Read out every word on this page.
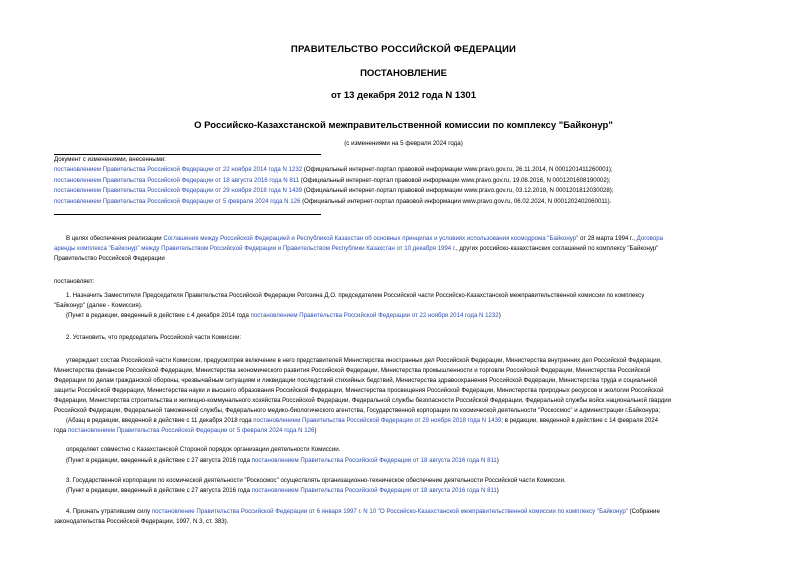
ПРАВИТЕЛЬСТВО РОССИЙСКОЙ ФЕДЕРАЦИИ
ПОСТАНОВЛЕНИЕ
от 13 декабря 2012 года N 1301
О Российско-Казахстанской межправительственной комиссии по комплексу "Байконур"
(с изменениями на 5 февраля 2024 года)
Документ с изменениями, внесенными:
постановлением Правительства Российской Федерации от 22 ноября 2014 года N 1232 (Официальный интернет-портал правовой информации www.pravo.gov.ru, 26.11.2014, N 0001201411260001);
постановлением Правительства Российской Федерации от 18 августа 2016 года N 811 (Официальный интернет-портал правовой информации www.pravo.gov.ru, 19.08.2016, N 0001201608190002);
постановлением Правительства Российской Федерации от 29 ноября 2018 года N 1439 (Официальный интернет-портал правовой информации www.pravo.gov.ru, 03.12.2018, N 0001201812030028);
постановлением Правительства Российской Федерации от 5 февраля 2024 года N 126 (Официальный интернет-портал правовой информации www.pravo.gov.ru, 06.02.2024, N 0001202402060011).
В целях обеспечения реализации Соглашения между Российской Федерацией и Республикой Казахстан об основных принципах и условиях использования космодрома "Байконур" от 28 марта 1994 г., Договора
аренды комплекса "Байконур" между Правительством Российской Федерации и Правительством Республики Казахстан от 10 декабря 1994 г., других российско-казахстанских соглашений по комплексу "Байконур"
Правительство Российской Федерации
постановляет:
1. Назначить Заместителя Председателя Правительства Российской Федерации Рогозина Д.О. председателем Российской части Российско-Казахстанской межправительственной комиссии по комплексу
"Байконур" (далее - Комиссия).
(Пункт в редакции, введенный в действие с 4 декабря 2014 года постановлением Правительства Российской Федерации от 22 ноября 2014 года N 1232)
2. Установить, что председатель Российской части Комиссии:
утверждает состав Российской части Комиссии, предусмотрев включение в него представителей Министерства иностранных дел Российской Федерации, Министерства внутренних дел Российской Федерации,
Министерства финансов Российской Федерации, Министерства экономического развития Российской Федерации, Министерства промышленности и торговли Российской Федерации, Министерства Российской
Федерации по делам гражданской обороны, чрезвычайным ситуациям и ликвидации последствий стихийных бедствий, Министерства здравоохранения Российской Федерации, Министерства труда и социальной
защиты Российской Федерации, Министерства науки и высшего образования Российской Федерации, Министерства просвещения Российской Федерации, Министерства природных ресурсов и экологии Российской
Федерации, Министерства строительства и жилищно-коммунального хозяйства Российской Федерации, Федеральной службы безопасности Российской Федерации, Федеральной службы войск национальной гвардии
Российской Федерации, Федеральной таможенной службы, Федерального медико-биологического агентства, Государственной корпорации по космической деятельности "Роскосмос" и администрации г.Байконура;
(Абзац в редакции, введенной в действие с 11 декабря 2018 года постановлением Правительства Российской Федерации от 29 ноября 2018 года N 1439; в редакции, введенной в действие с 14 февраля 2024
года постановлением Правительства Российской Федерации от 5 февраля 2024 года N 126)
определяет совместно с Казахстанской Стороной порядок организации деятельности Комиссии.
(Пункт в редакции, введенный в действие с 27 августа 2016 года постановлением Правительства Российской Федерации от 18 августа 2016 года N 811)
3. Государственной корпорации по космической деятельности "Роскосмос" осуществлять организационно-техническое обеспечение деятельности Российской части Комиссии.
(Пункт в редакции, введенный в действие с 27 августа 2016 года постановлением Правительства Российской Федерации от 18 августа 2016 года N 811)
4. Признать утратившим силу постановление Правительства Российской Федерации от 6 января 1997 г. N 10 "О Российско-Казахстанской межправительственной комиссии по комплексу "Байконур" (Собрание
законодательства Российской Федерации, 1997, N 3, ст. 383).
